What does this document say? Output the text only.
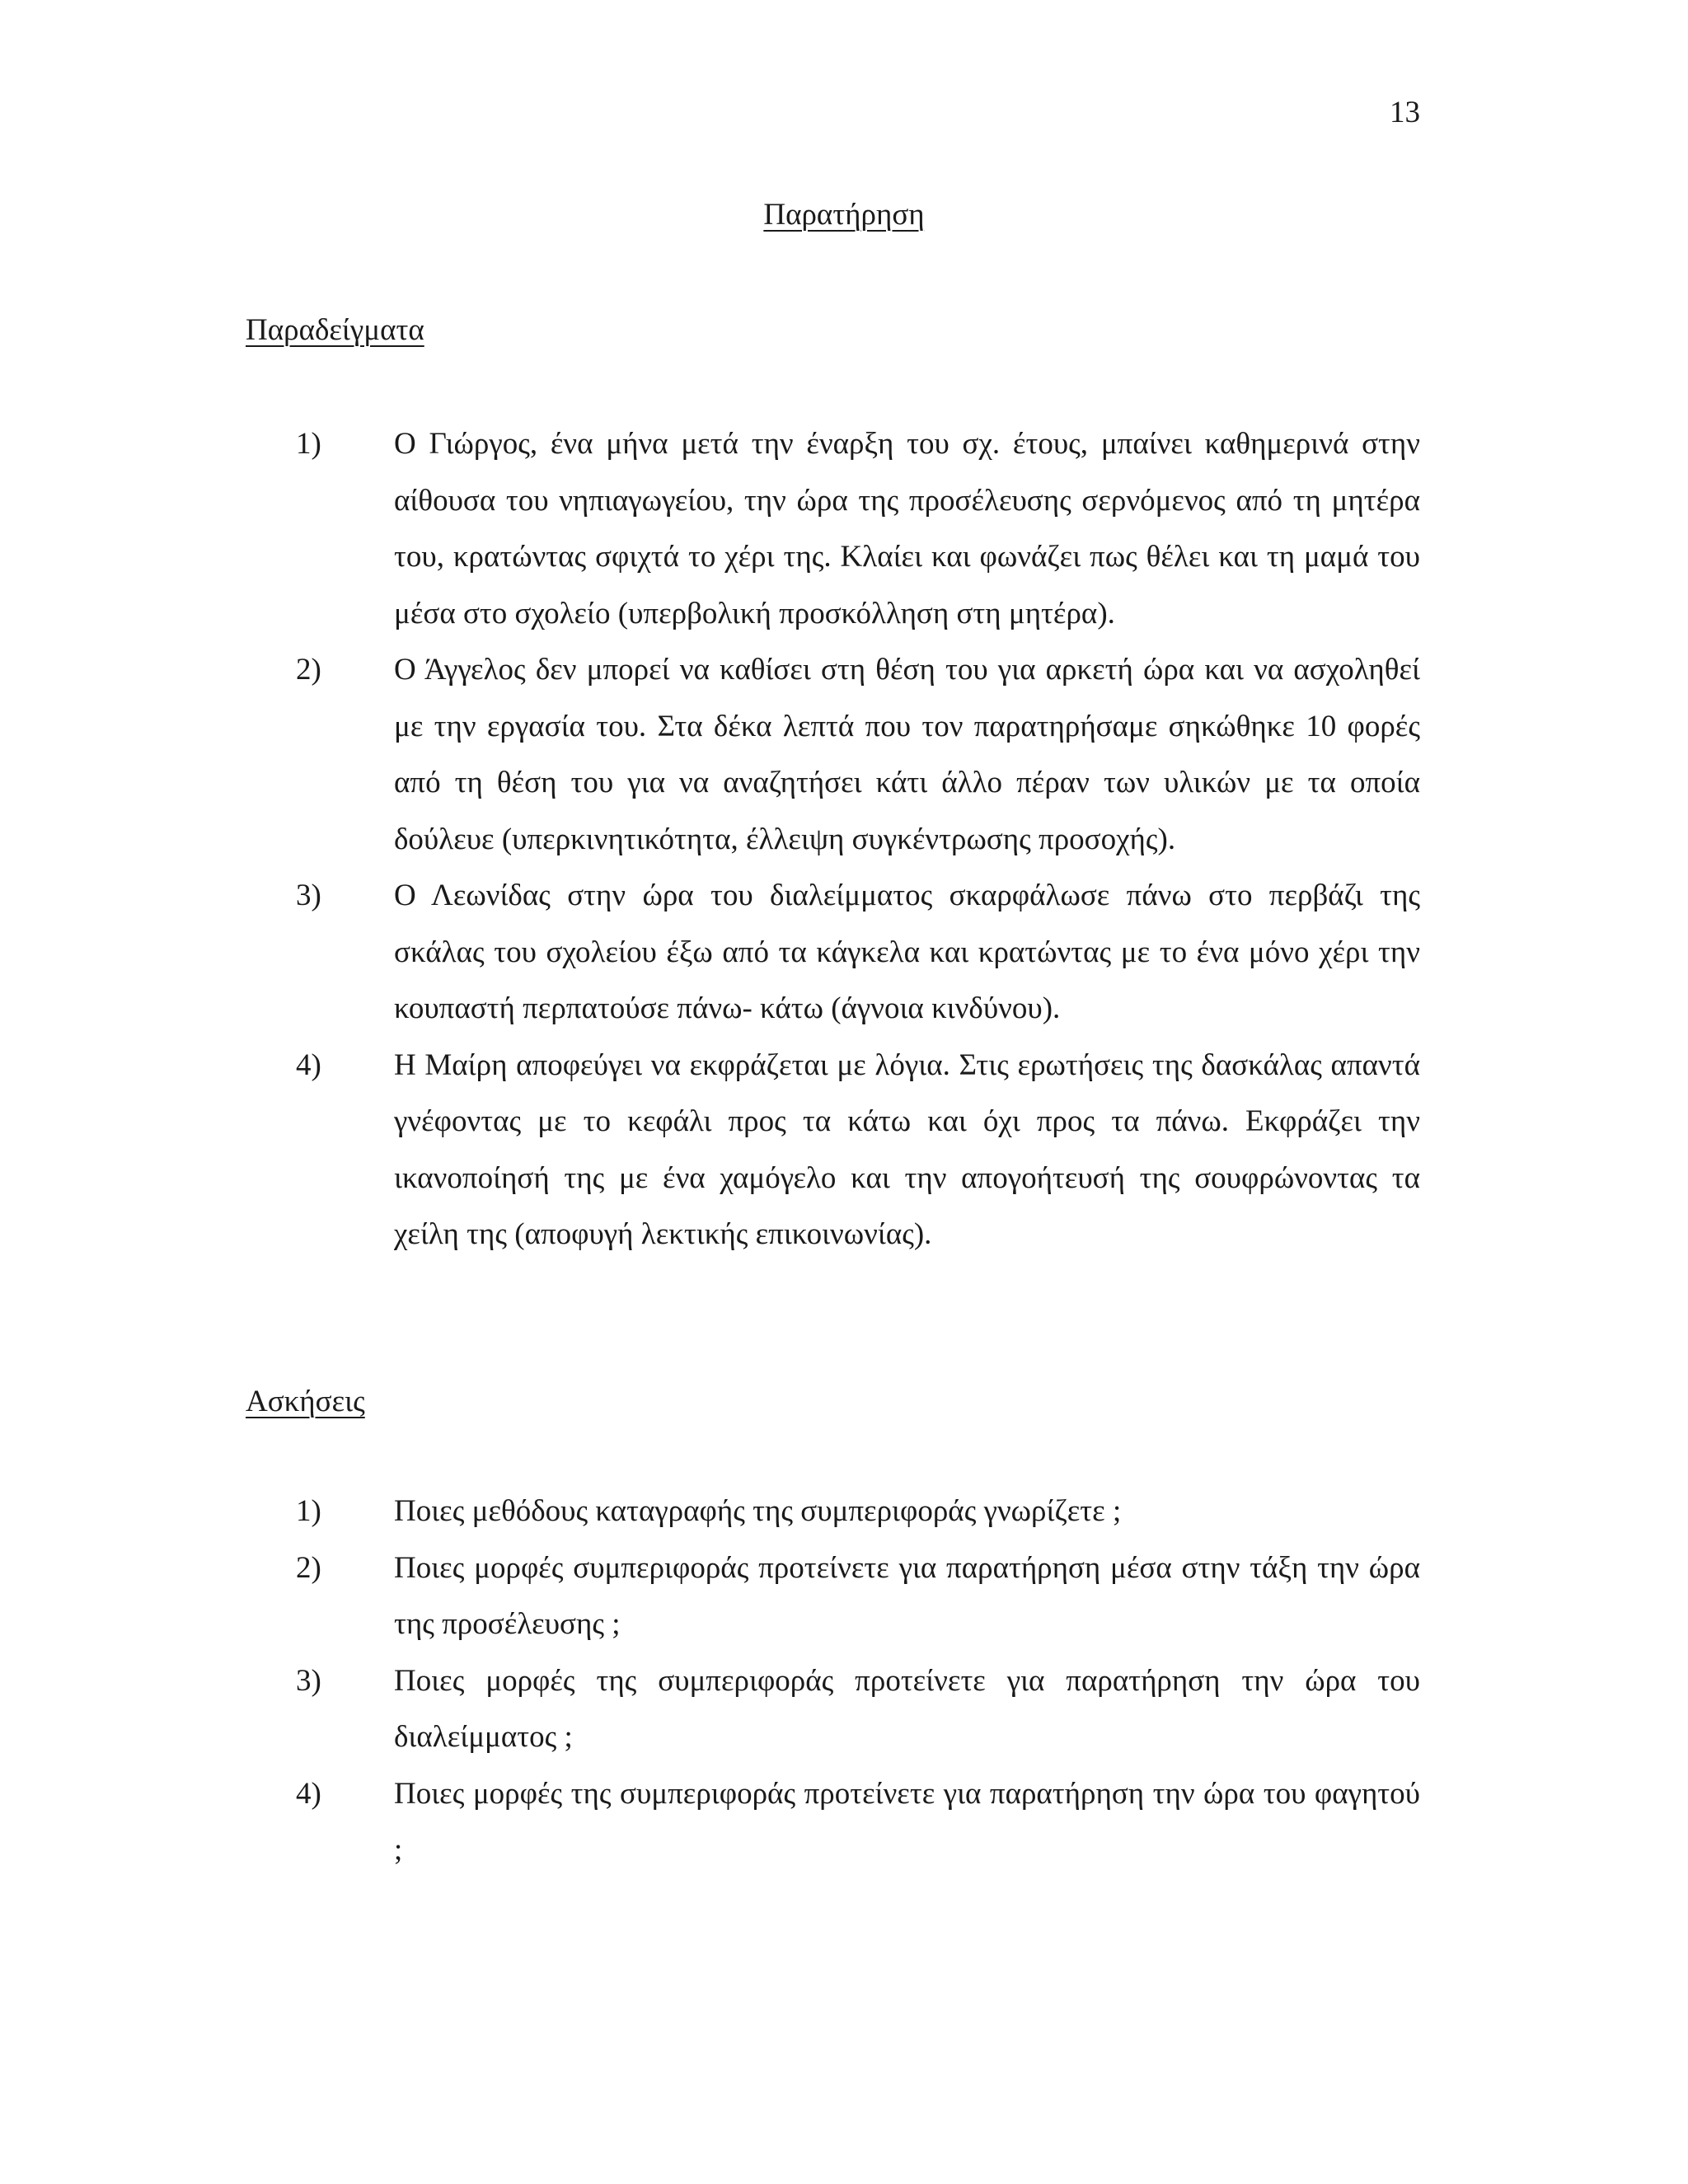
13
Παρατήρηση
Παραδείγματα
1) Ο Γιώργος, ένα μήνα μετά την έναρξη του σχ. έτους, μπαίνει καθημερινά στην αίθουσα του νηπιαγωγείου, την ώρα της προσέλευσης σερνόμενος από τη μητέρα του, κρατώντας σφιχτά το χέρι της. Κλαίει και φωνάζει πως θέλει και τη μαμά του μέσα στο σχολείο (υπερβολική προσκόλληση στη μητέρα).
2) Ο Άγγελος δεν μπορεί να καθίσει στη θέση του για αρκετή ώρα και να ασχοληθεί με την εργασία του. Στα δέκα λεπτά που τον παρατηρήσαμε σηκώθηκε 10 φορές από τη θέση του για να αναζητήσει κάτι άλλο πέραν των υλικών με τα οποία δούλευε (υπερκινητικότητα, έλλειψη συγκέντρωσης προσοχής).
3) Ο Λεωνίδας στην ώρα του διαλείμματος σκαρφάλωσε πάνω στο περβάζι της σκάλας του σχολείου έξω από τα κάγκελα και κρατώντας με το ένα μόνο χέρι την κουπαστή περπατούσε πάνω- κάτω (άγνοια κινδύνου).
4) Η Μαίρη αποφεύγει να εκφράζεται με λόγια. Στις ερωτήσεις της δασκάλας απαντά γνέφοντας με το κεφάλι προς τα κάτω και όχι προς τα πάνω. Εκφράζει την ικανοποίησή της με ένα χαμόγελο και την απογοήτευσή της σουφρώνοντας τα χείλη της (αποφυγή λεκτικής επικοινωνίας).
Ασκήσεις
1) Ποιες μεθόδους καταγραφής της συμπεριφοράς γνωρίζετε ;
2) Ποιες μορφές συμπεριφοράς προτείνετε για παρατήρηση μέσα στην τάξη την ώρα της προσέλευσης ;
3) Ποιες μορφές της συμπεριφοράς προτείνετε για παρατήρηση την ώρα του διαλείμματος ;
4) Ποιες μορφές της συμπεριφοράς προτείνετε για παρατήρηση την ώρα του φαγητού ;
